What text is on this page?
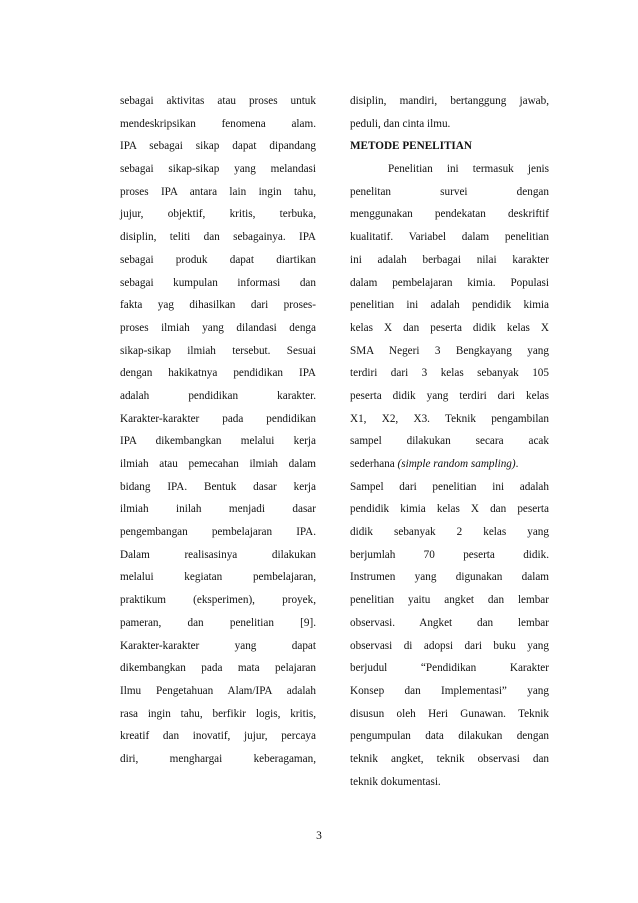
sebagai aktivitas atau proses untuk
mendeskripsikan fenomena alam.
IPA sebagai sikap dapat dipandang
sebagai sikap-sikap yang melandasi
proses IPA antara lain ingin tahu,
jujur, objektif, kritis, terbuka,
disiplin, teliti dan sebagainya. IPA
sebagai produk dapat diartikan
sebagai kumpulan informasi dan
fakta yag dihasilkan dari proses-
proses ilmiah yang dilandasi denga
sikap-sikap ilmiah tersebut. Sesuai
dengan hakikatnya pendidikan IPA
adalah pendidikan karakter.
Karakter-karakter pada pendidikan
IPA dikembangkan melalui kerja
ilmiah atau pemecahan ilmiah dalam
bidang IPA. Bentuk dasar kerja
ilmiah inilah menjadi dasar
pengembangan pembelajaran IPA.
Dalam realisasinya dilakukan
melalui kegiatan pembelajaran,
praktikum (eksperimen), proyek,
pameran, dan penelitian [9].
Karakter-karakter yang dapat
dikembangkan pada mata pelajaran
Ilmu Pengetahuan Alam/IPA adalah
rasa ingin tahu, berfikir logis, kritis,
kreatif dan inovatif, jujur, percaya
diri, menghargai keberagaman,
disiplin, mandiri, bertanggung jawab,
peduli, dan cinta ilmu.
METODE PENELITIAN
Penelitian ini termasuk jenis
penelitan survei dengan
menggunakan pendekatan deskriftif
kualitatif. Variabel dalam penelitian
ini adalah berbagai nilai karakter
dalam pembelajaran kimia. Populasi
penelitian ini adalah pendidik kimia
kelas X dan peserta didik kelas X
SMA Negeri 3 Bengkayang yang
terdiri dari 3 kelas sebanyak 105
peserta didik yang terdiri dari kelas
X1, X2, X3. Teknik pengambilan
sampel dilakukan secara acak
sederhana (simple random sampling).
Sampel dari penelitian ini adalah
pendidik kimia kelas X dan peserta
didik sebanyak 2 kelas yang
berjumlah 70 peserta didik.
Instrumen yang digunakan dalam
penelitian yaitu angket dan lembar
observasi. Angket dan lembar
observasi di adopsi dari buku yang
berjudul “Pendidikan Karakter
Konsep dan Implementasi” yang
disusun oleh Heri Gunawan. Teknik
pengumpulan data dilakukan dengan
teknik angket, teknik observasi dan
teknik dokumentasi.
3
